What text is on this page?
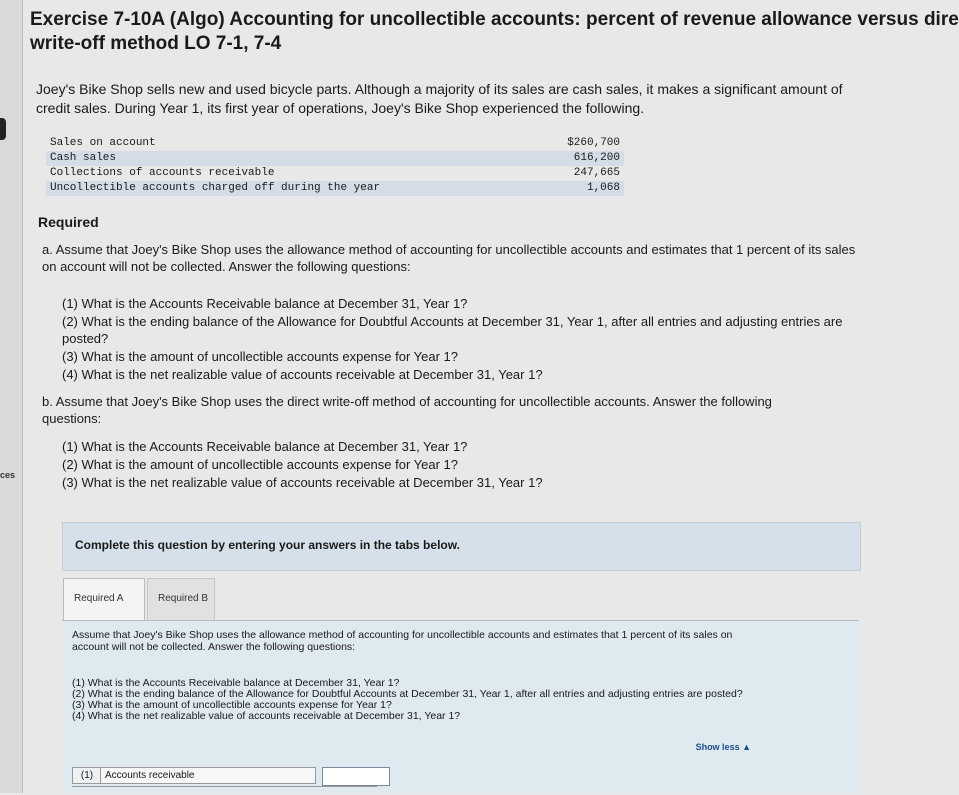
ces
Exercise 7-10A (Algo) Accounting for uncollectible accounts: percent of revenue allowance versus dire
write-off method LO 7-1, 7-4
Joey's Bike Shop sells new and used bicycle parts. Although a majority of its sales are cash sales, it makes a significant amount of credit sales. During Year 1, its first year of operations, Joey's Bike Shop experienced the following.
Sales on account	$260,700
Cash sales	616,200
Collections of accounts receivable	247,665
Uncollectible accounts charged off during the year	1,068
Required
a. Assume that Joey's Bike Shop uses the allowance method of accounting for uncollectible accounts and estimates that 1 percent of its sales on account will not be collected. Answer the following questions:
(1) What is the Accounts Receivable balance at December 31, Year 1?
(2) What is the ending balance of the Allowance for Doubtful Accounts at December 31, Year 1, after all entries and adjusting entries are posted?
(3) What is the amount of uncollectible accounts expense for Year 1?
(4) What is the net realizable value of accounts receivable at December 31, Year 1?
b. Assume that Joey's Bike Shop uses the direct write-off method of accounting for uncollectible accounts. Answer the following questions:
(1) What is the Accounts Receivable balance at December 31, Year 1?
(2) What is the amount of uncollectible accounts expense for Year 1?
(3) What is the net realizable value of accounts receivable at December 31, Year 1?
Complete this question by entering your answers in the tabs below.
Required A	Required B
Assume that Joey's Bike Shop uses the allowance method of accounting for uncollectible accounts and estimates that 1 percent of its sales on account will not be collected. Answer the following questions:
(1) What is the Accounts Receivable balance at December 31, Year 1?
(2) What is the ending balance of the Allowance for Doubtful Accounts at December 31, Year 1, after all entries and adjusting entries are posted?
(3) What is the amount of uncollectible accounts expense for Year 1?
(4) What is the net realizable value of accounts receivable at December 31, Year 1?
Show less ▲
(1)	Accounts receivable
